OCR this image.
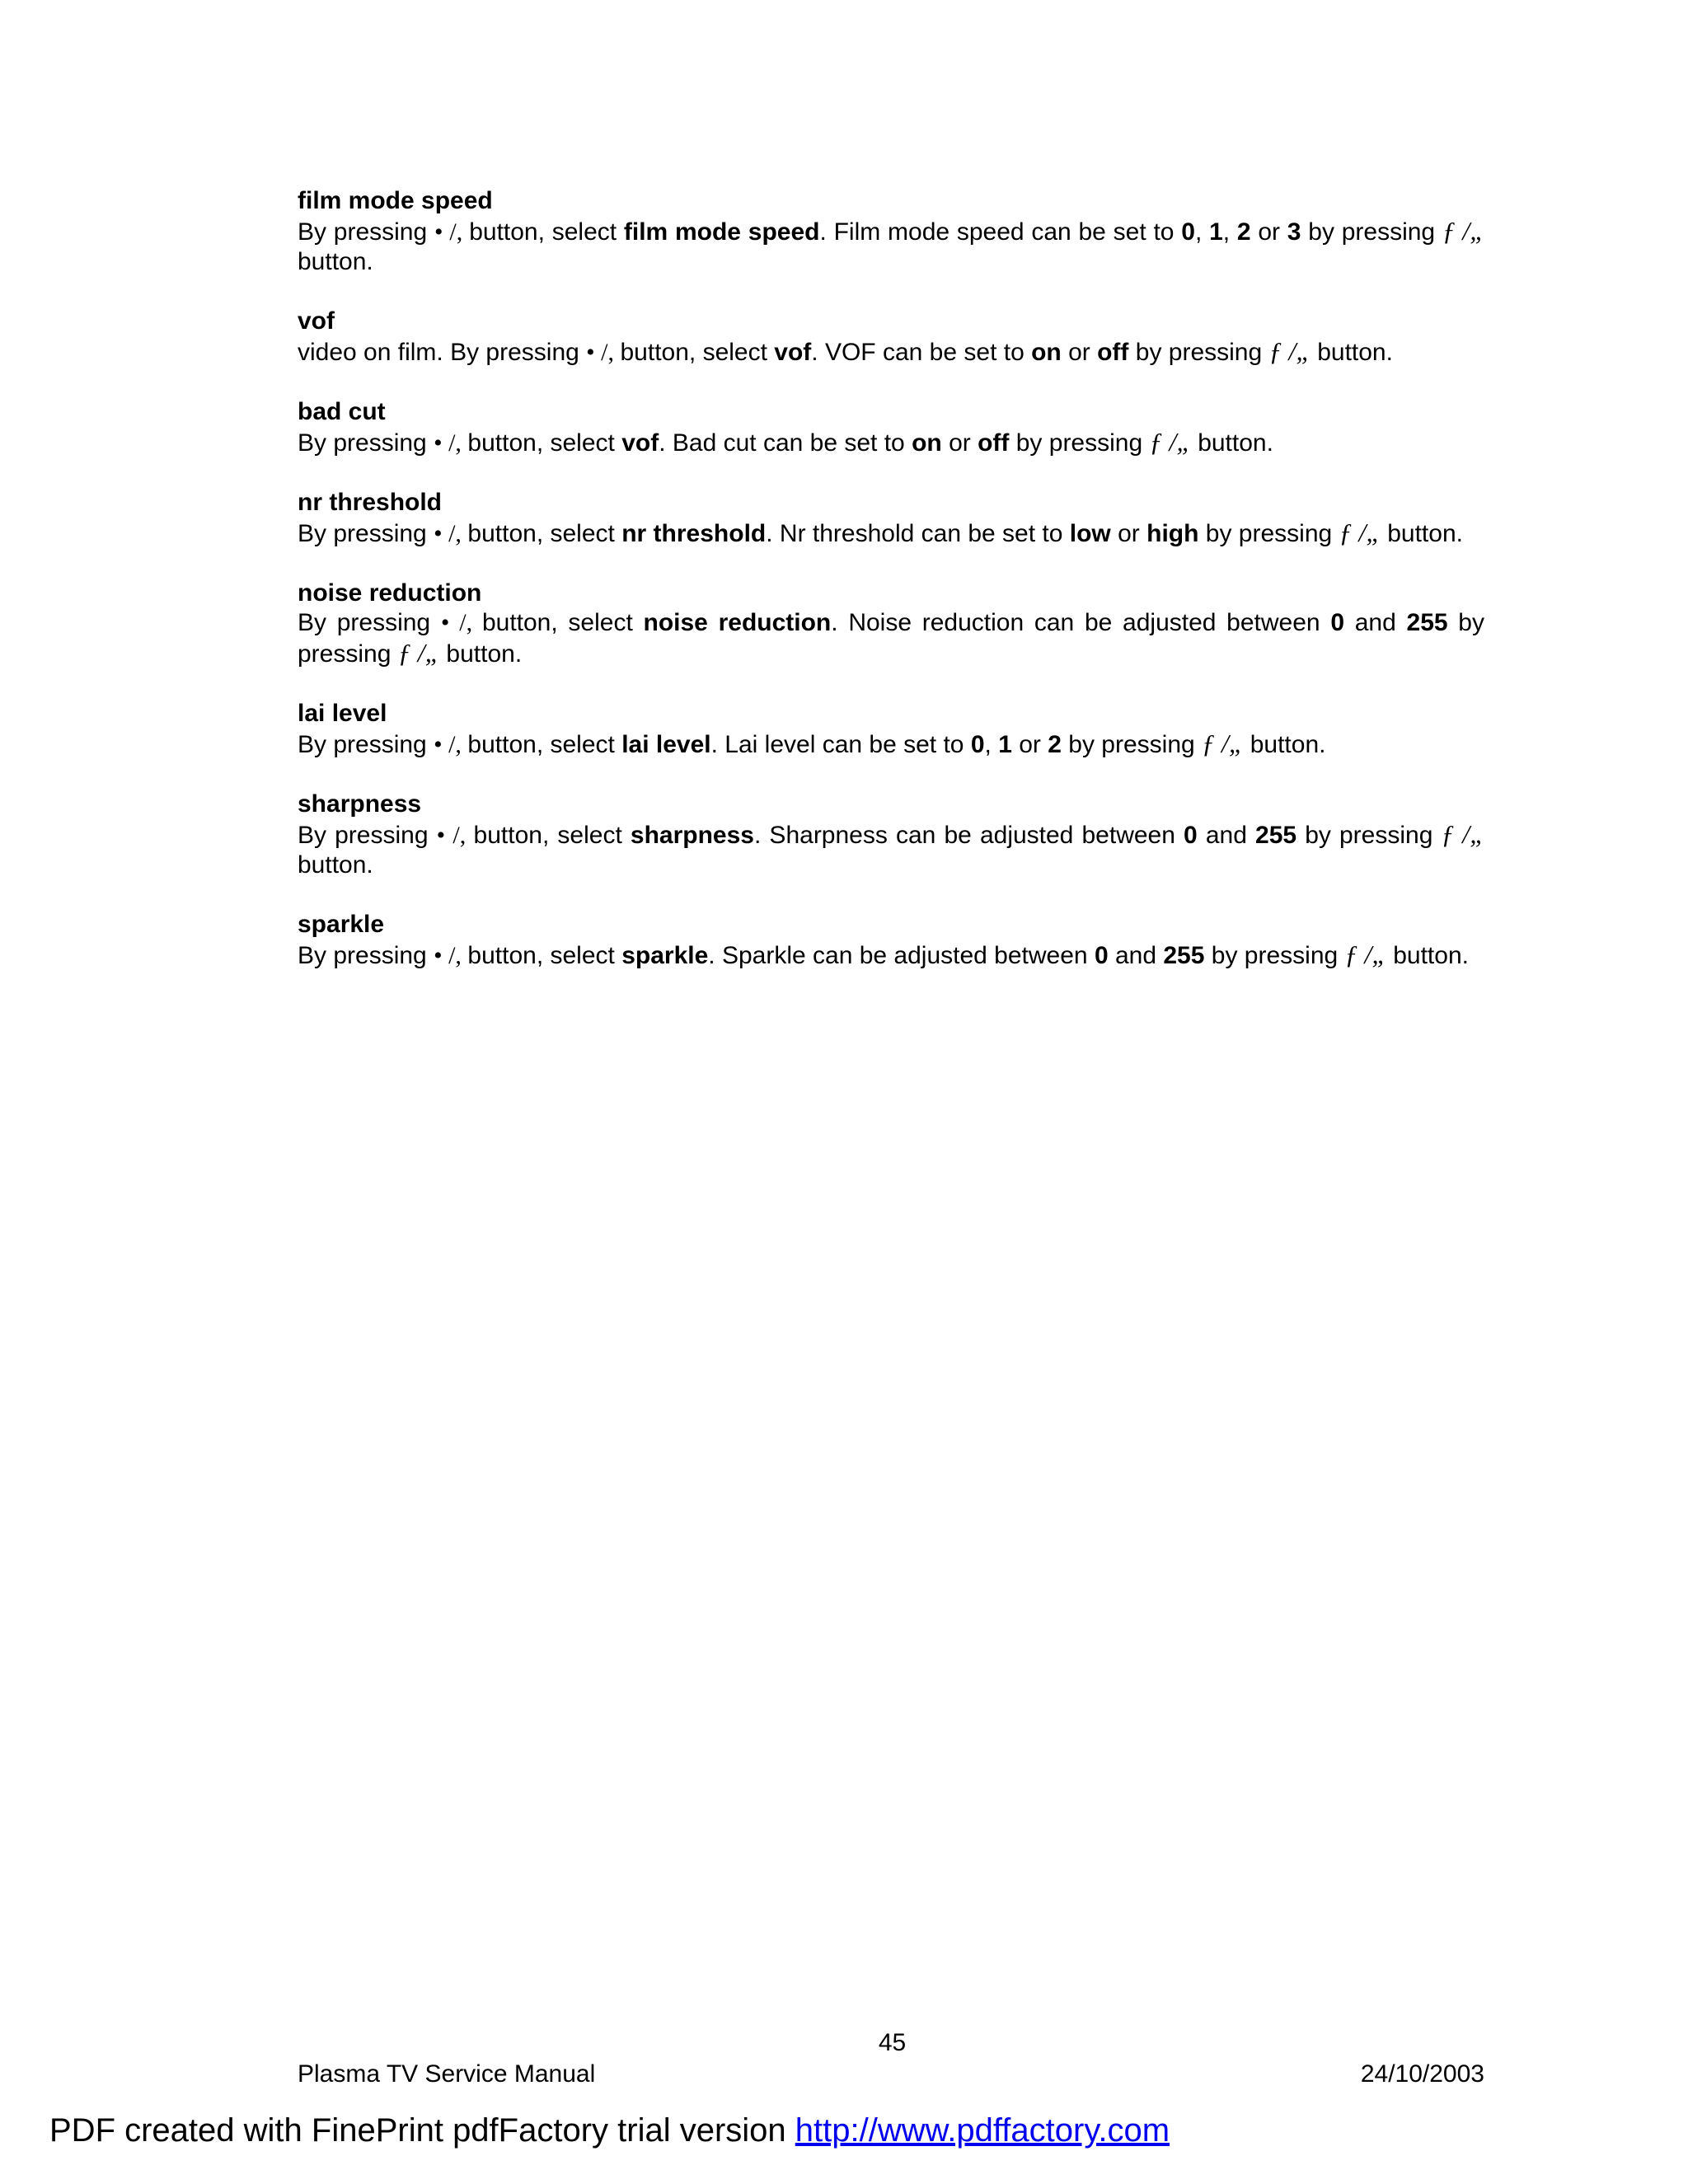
film mode speed
By pressing • /, button, select film mode speed. Film mode speed can be set to 0, 1, 2 or 3 by pressing ƒ /„ button.
vof
video on film. By pressing • /, button, select vof. VOF can be set to on or off by pressing ƒ /„ button.
bad cut
By pressing • /, button, select vof. Bad cut can be set to on or off by pressing ƒ /„ button.
nr threshold
By pressing • /, button, select nr threshold. Nr threshold can be set to low or high by pressing ƒ /„ button.
noise reduction
By pressing • /, button, select noise reduction. Noise reduction can be adjusted between 0 and 255 by pressing ƒ /„ button.
lai level
By pressing • /, button, select lai level. Lai level can be set to 0, 1 or 2 by pressing ƒ /„ button.
sharpness
By pressing • /, button, select sharpness. Sharpness can be adjusted between 0 and 255 by pressing ƒ /„ button.
sparkle
By pressing • /, button, select sparkle. Sparkle can be adjusted between 0 and 255 by pressing ƒ /„ button.
45
Plasma TV Service Manual	24/10/2003
PDF created with FinePrint pdfFactory trial version http://www.pdffactory.com
